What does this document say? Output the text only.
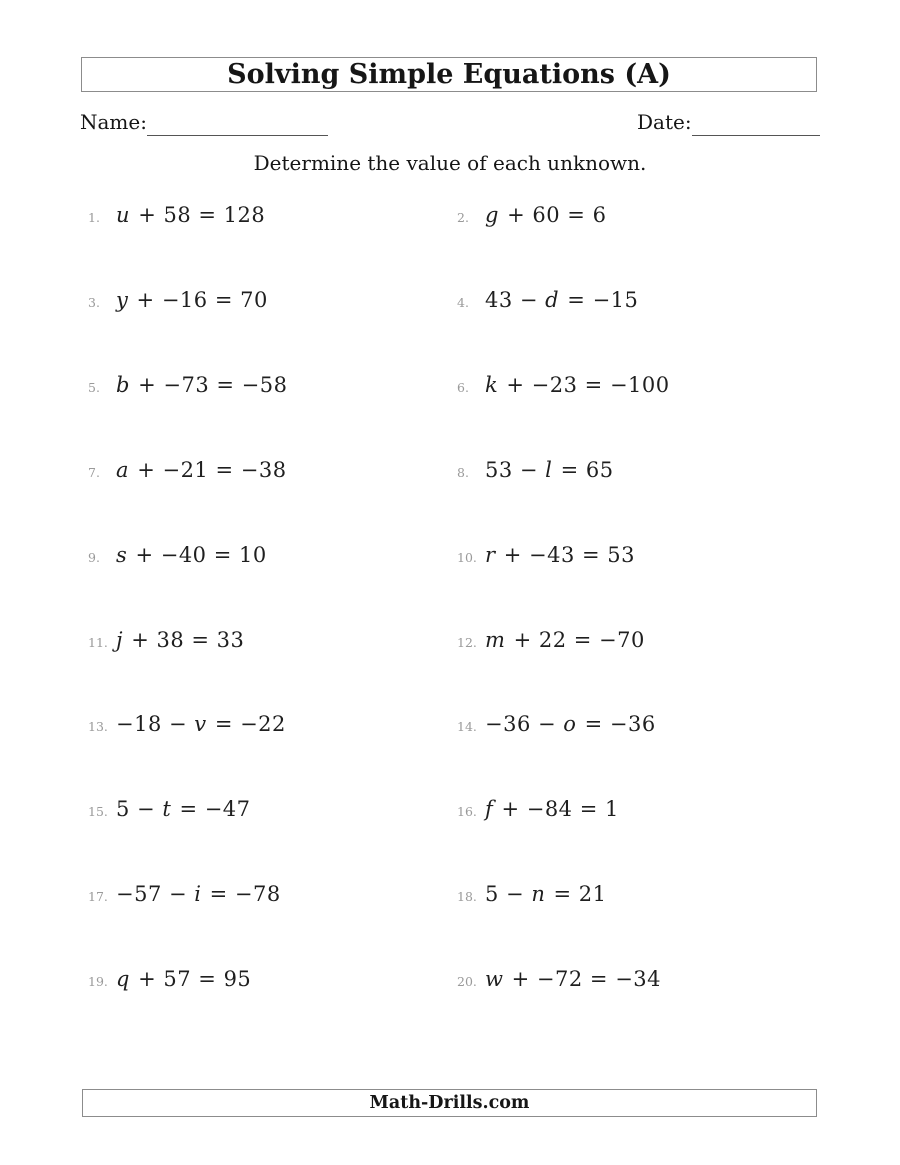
Solving Simple Equations (A)
Name:	Date:
Determine the value of each unknown.
1. u + 58 = 128	2. g + 60 = 6
3. y + −16 = 70	4. 43 − d = −15
5. b + −73 = −58	6. k + −23 = −100
7. a + −21 = −38	8. 53 − l = 65
9. s + −40 = 10	10. r + −43 = 53
11. j + 38 = 33	12. m + 22 = −70
13. −18 − v = −22	14. −36 − o = −36
15. 5 − t = −47	16. f + −84 = 1
17. −57 − i = −78	18. 5 − n = 21
19. q + 57 = 95	20. w + −72 = −34
Math-Drills.com
